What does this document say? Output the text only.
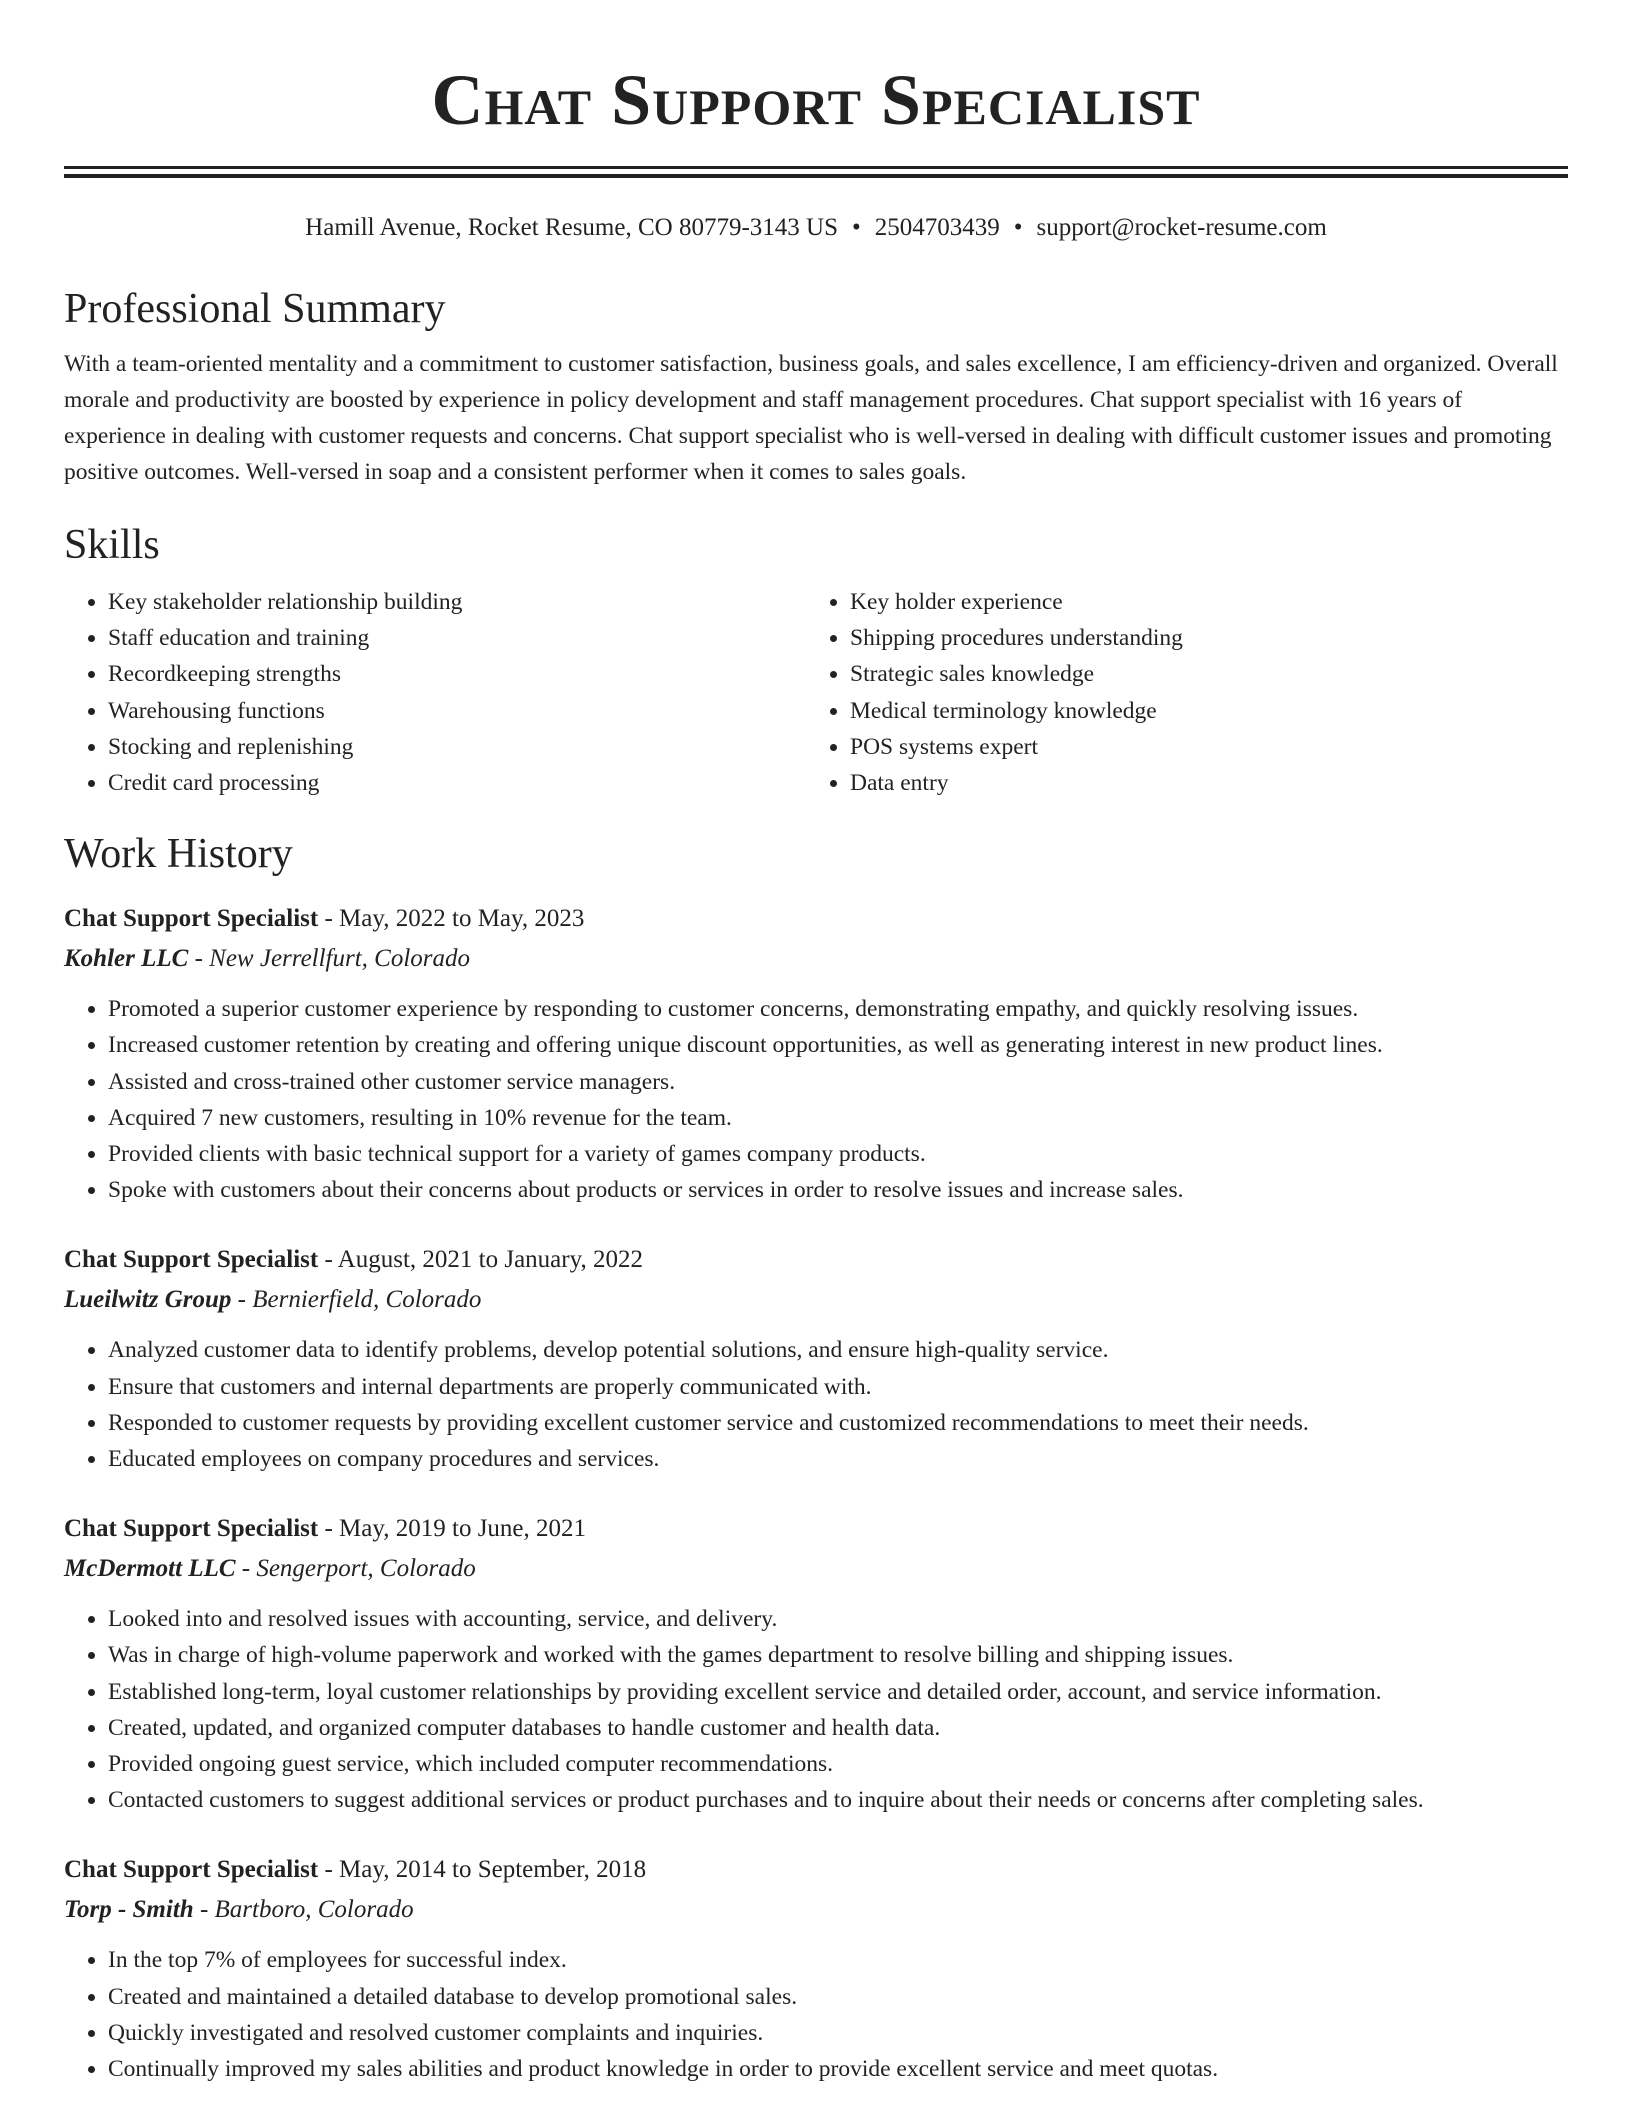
Chat Support Specialist
Hamill Avenue, Rocket Resume, CO 80779-3143 US • 2504703439 • support@rocket-resume.com
Professional Summary
With a team-oriented mentality and a commitment to customer satisfaction, business goals, and sales excellence, I am efficiency-driven and organized. Overall morale and productivity are boosted by experience in policy development and staff management procedures. Chat support specialist with 16 years of experience in dealing with customer requests and concerns. Chat support specialist who is well-versed in dealing with difficult customer issues and promoting positive outcomes. Well-versed in soap and a consistent performer when it comes to sales goals.
Skills
• Key stakeholder relationship building
• Staff education and training
• Recordkeeping strengths
• Warehousing functions
• Stocking and replenishing
• Credit card processing
• Key holder experience
• Shipping procedures understanding
• Strategic sales knowledge
• Medical terminology knowledge
• POS systems expert
• Data entry
Work History
Chat Support Specialist - May, 2022 to May, 2023
Kohler LLC - New Jerrellfurt, Colorado
• Promoted a superior customer experience by responding to customer concerns, demonstrating empathy, and quickly resolving issues.
• Increased customer retention by creating and offering unique discount opportunities, as well as generating interest in new product lines.
• Assisted and cross-trained other customer service managers.
• Acquired 7 new customers, resulting in 10% revenue for the team.
• Provided clients with basic technical support for a variety of games company products.
• Spoke with customers about their concerns about products or services in order to resolve issues and increase sales.
Chat Support Specialist - August, 2021 to January, 2022
Lueilwitz Group - Bernierfield, Colorado
• Analyzed customer data to identify problems, develop potential solutions, and ensure high-quality service.
• Ensure that customers and internal departments are properly communicated with.
• Responded to customer requests by providing excellent customer service and customized recommendations to meet their needs.
• Educated employees on company procedures and services.
Chat Support Specialist - May, 2019 to June, 2021
McDermott LLC - Sengerport, Colorado
• Looked into and resolved issues with accounting, service, and delivery.
• Was in charge of high-volume paperwork and worked with the games department to resolve billing and shipping issues.
• Established long-term, loyal customer relationships by providing excellent service and detailed order, account, and service information.
• Created, updated, and organized computer databases to handle customer and health data.
• Provided ongoing guest service, which included computer recommendations.
• Contacted customers to suggest additional services or product purchases and to inquire about their needs or concerns after completing sales.
Chat Support Specialist - May, 2014 to September, 2018
Torp - Smith - Bartboro, Colorado
• In the top 7% of employees for successful index.
• Created and maintained a detailed database to develop promotional sales.
• Quickly investigated and resolved customer complaints and inquiries.
• Continually improved my sales abilities and product knowledge in order to provide excellent service and meet quotas.
